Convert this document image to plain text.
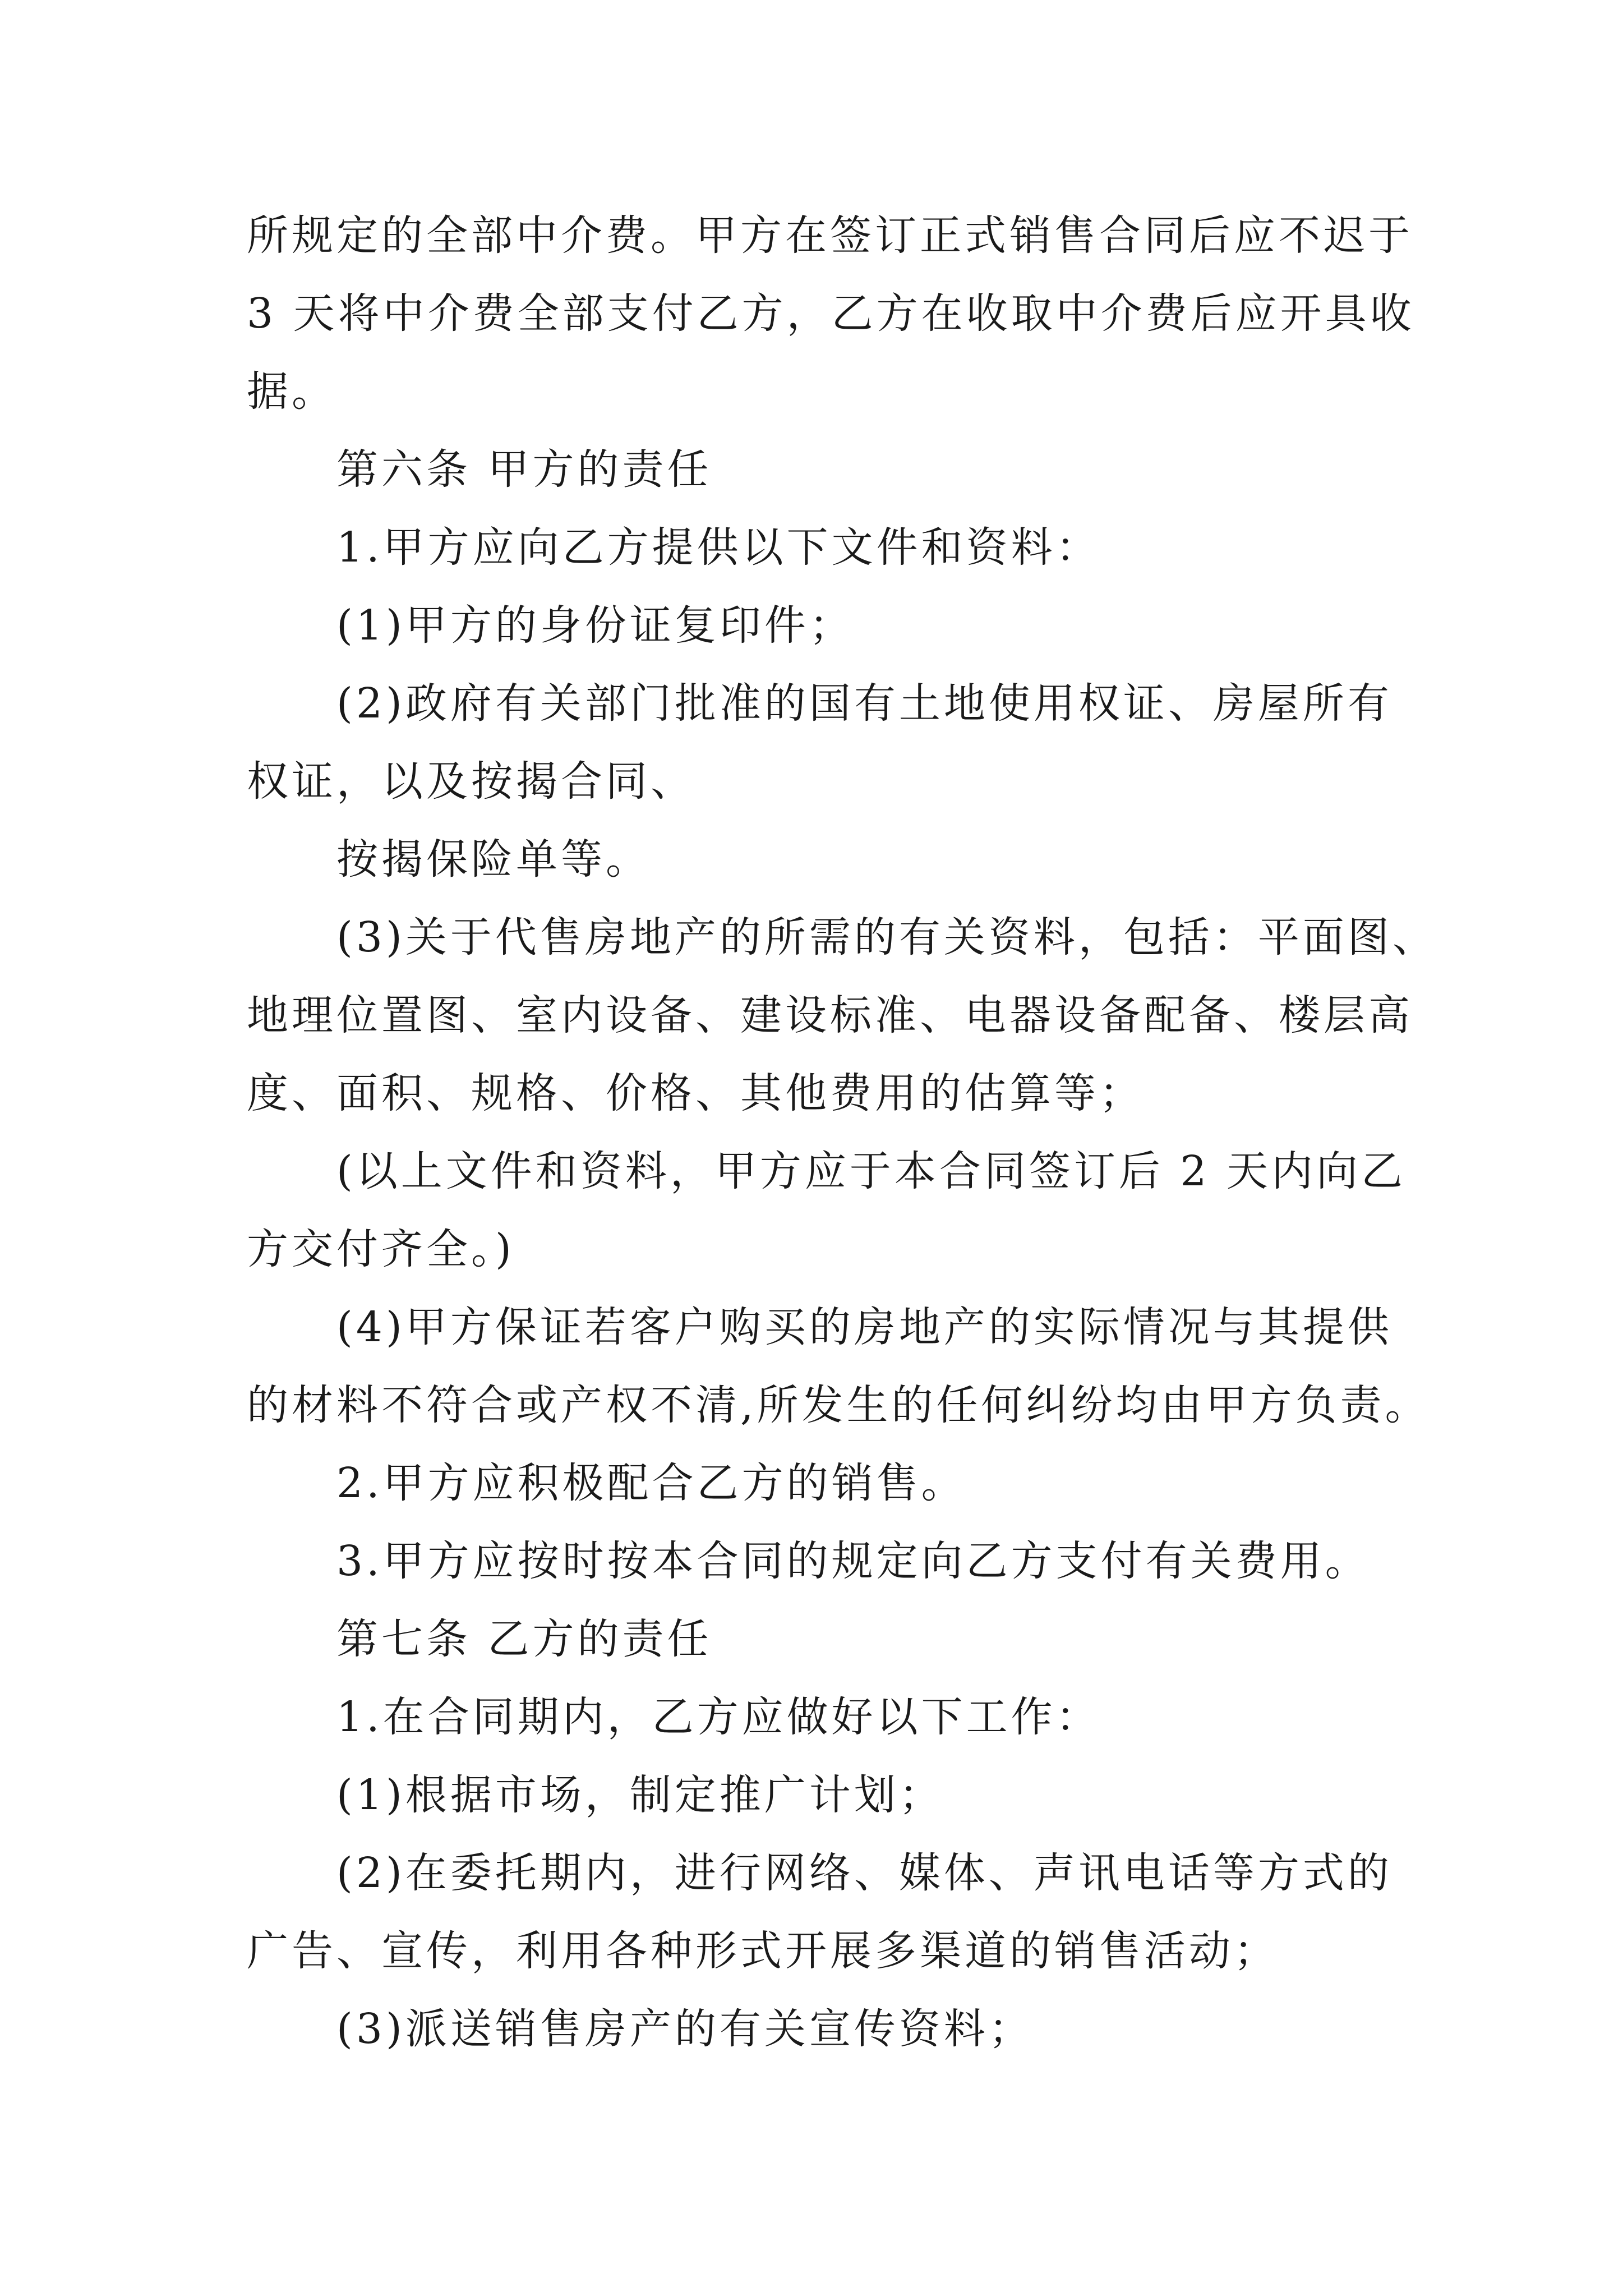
所规定的全部中介费。甲方在签订正式销售合同后应不迟于
3 天将中介费全部支付乙方，乙方在收取中介费后应开具收
据。
第六条 甲方的责任
1.甲方应向乙方提供以下文件和资料：
(1)甲方的身份证复印件；
(2)政府有关部门批准的国有土地使用权证、房屋所有
权证，以及按揭合同、
按揭保险单等。
(3)关于代售房地产的所需的有关资料，包括：平面图、
地理位置图、室内设备、建设标准、电器设备配备、楼层高
度、面积、规格、价格、其他费用的估算等；
(以上文件和资料，甲方应于本合同签订后 2 天内向乙
方交付齐全。)
(4)甲方保证若客户购买的房地产的实际情况与其提供
的材料不符合或产权不清,所发生的任何纠纷均由甲方负责。
2.甲方应积极配合乙方的销售。
3.甲方应按时按本合同的规定向乙方支付有关费用。
第七条 乙方的责任
1.在合同期内，乙方应做好以下工作：
(1)根据市场，制定推广计划；
(2)在委托期内，进行网络、媒体、声讯电话等方式的
广告、宣传，利用各种形式开展多渠道的销售活动；
(3)派送销售房产的有关宣传资料；
